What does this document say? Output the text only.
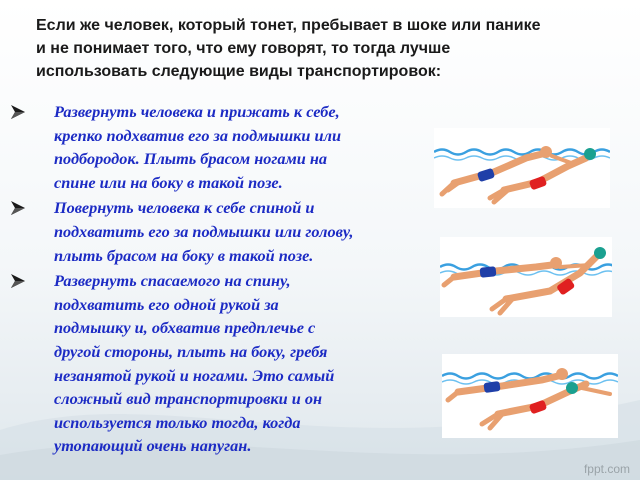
Если же человек, который тонет, пребывает в шоке или панике
и не понимает того, что ему говорят, то тогда лучше
использовать следующие виды транспортировок:
Развернуть человека и прижать к себе,
крепко подхватив его за подмышки или
подбородок. Плыть брасом ногами на
спине или на боку в такой позе.
Повернуть человека к себе спиной и
подхватить его за подмышки или голову,
плыть брасом на боку в такой позе.
Развернуть спасаемого на спину,
подхватить его одной рукой за
подмышку и, обхватив предплечье с
другой стороны, плыть на боку, гребя
незанятой рукой и ногами. Это самый
сложный вид транспортировки и он
используется только тогда, когда
утопающий очень напуган.
fppt.com
